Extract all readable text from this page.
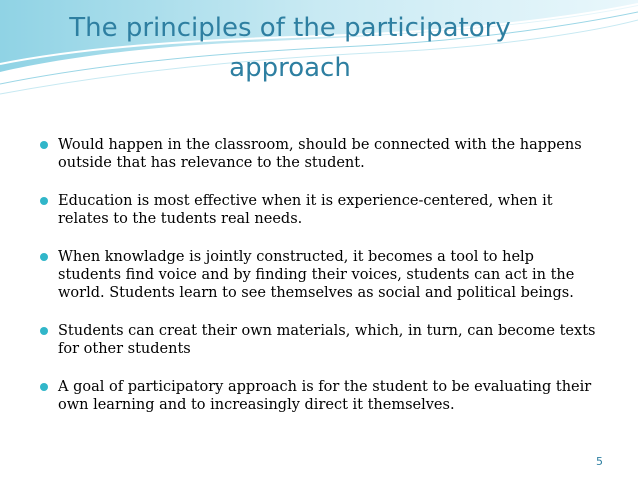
The principles of the participatory
approach
Would happen in the classroom, should be connected with the happens outside that has relevance to the student.
Education is most effective when it is experience-centered, when it relates to the tudents real needs.
When knowladge is jointly constructed, it becomes a tool to help students find voice and by finding their voices, students can act in the world. Students learn to see themselves as social and political beings.
Students can creat their own materials, which, in turn, can become texts for other students
A goal of participatory approach is for the student to be evaluating their own learning and to increasingly direct it themselves.
5
